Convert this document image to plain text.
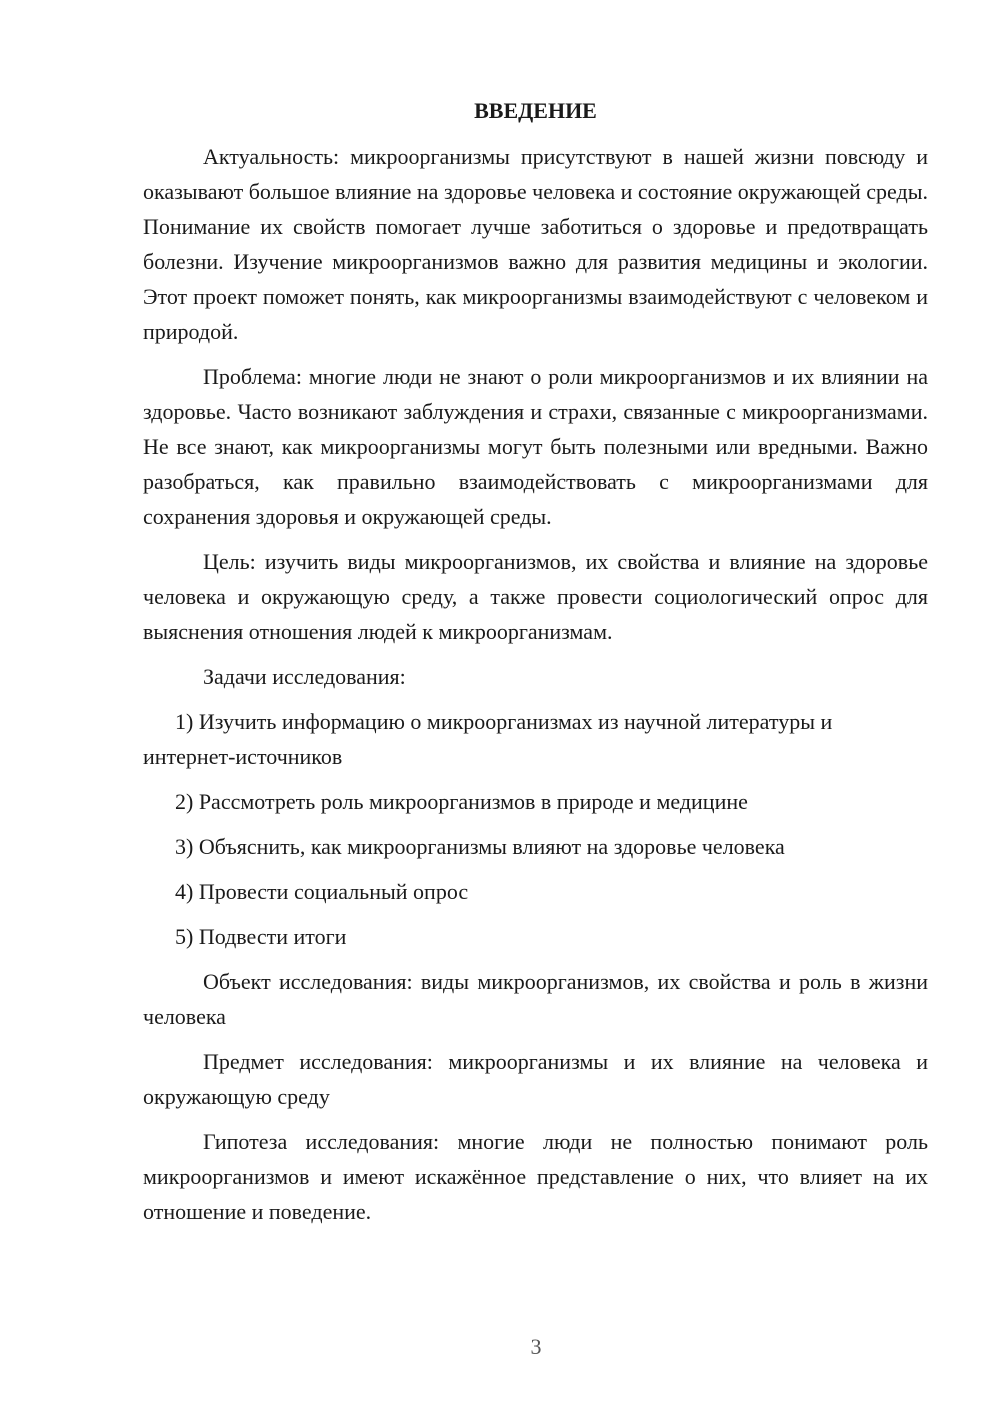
ВВЕДЕНИЕ

Актуальность: микроорганизмы присутствуют в нашей жизни повсюду и оказывают большое влияние на здоровье человека и состояние окружающей среды. Понимание их свойств помогает лучше заботиться о здоровье и предотвращать болезни. Изучение микроорганизмов важно для развития медицины и экологии. Этот проект поможет понять, как микроорганизмы взаимодействуют с человеком и природой.

Проблема: многие люди не знают о роли микроорганизмов и их влиянии на здоровье. Часто возникают заблуждения и страхи, связанные с микроорганизмами. Не все знают, как микроорганизмы могут быть полезными или вредными. Важно разобраться, как правильно взаимодействовать с микроорганизмами для сохранения здоровья и окружающей среды.

Цель: изучить виды микроорганизмов, их свойства и влияние на здоровье человека и окружающую среду, а также провести социологический опрос для выяснения отношения людей к микроорганизмам.

Задачи исследования:

1) Изучить информацию о микроорганизмах из научной литературы и интернет-источников

2) Рассмотреть роль микроорганизмов в природе и медицине

3) Объяснить, как микроорганизмы влияют на здоровье человека

4) Провести социальный опрос

5) Подвести итоги

Объект исследования: виды микроорганизмов, их свойства и роль в жизни человека

Предмет исследования: микроорганизмы и их влияние на человека и окружающую среду

Гипотеза исследования: многие люди не полностью понимают роль микроорганизмов и имеют искажённое представление о них, что влияет на их отношение и поведение.

3
